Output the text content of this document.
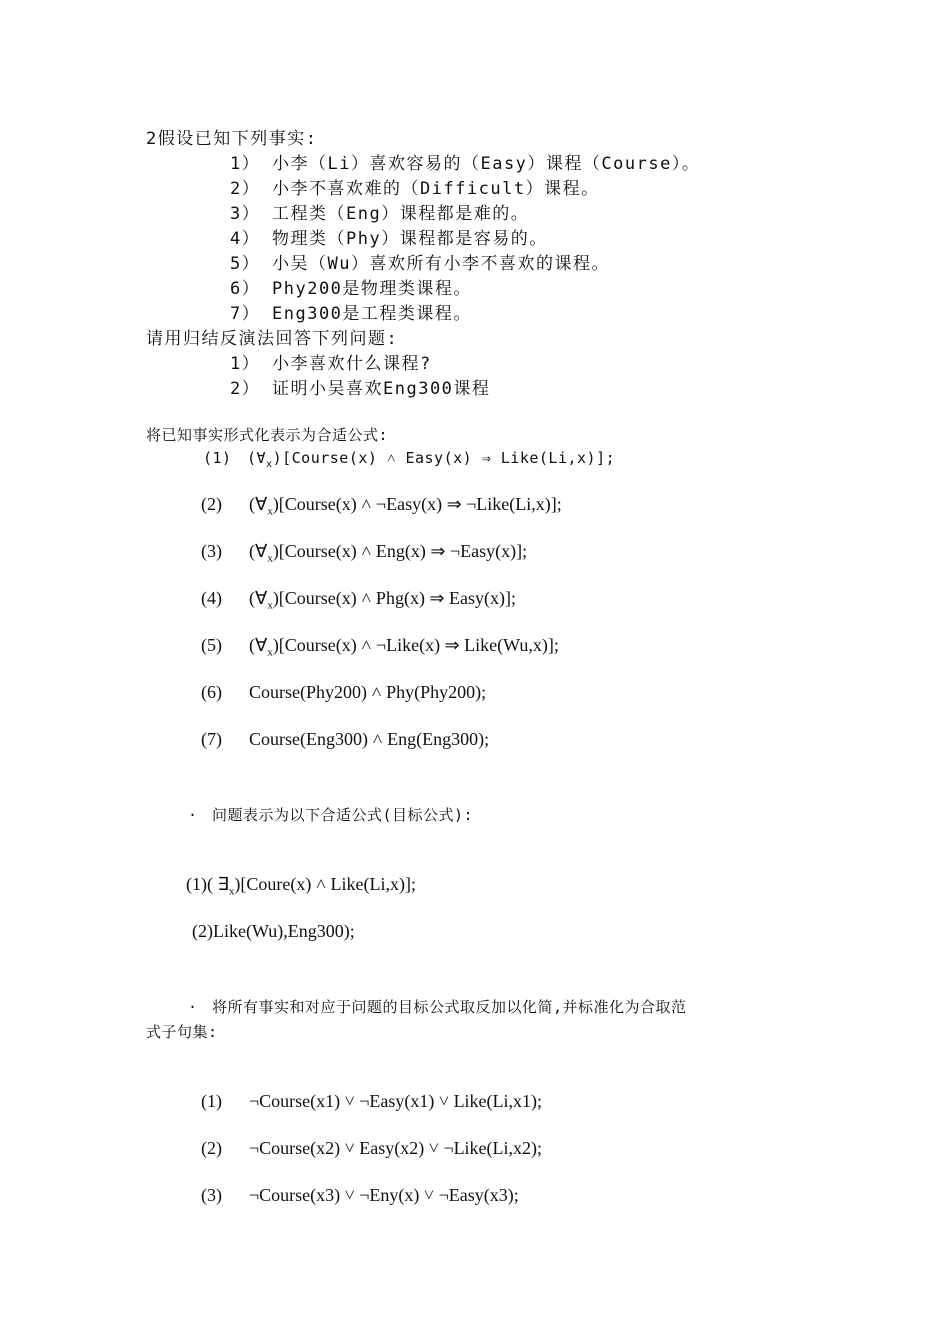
2假设已知下列事实:
1） 小李（Li）喜欢容易的（Easy）课程（Course）。
2） 小李不喜欢难的（Difficult）课程。
3） 工程类（Eng）课程都是难的。
4） 物理类（Phy）课程都是容易的。
5） 小吴（Wu）喜欢所有小李不喜欢的课程。
6） Phy200是物理类课程。
7） Eng300是工程类课程。
请用归结反演法回答下列问题:
1） 小李喜欢什么课程?
2） 证明小吴喜欢Eng300课程
将已知事实形式化表示为合适公式:
(1) $(\forall_x)[Course(x)$ ˄ Easy(x) ⇒ Like(Li,x)];
(2) $(\forall_x)[Course(x)$ ˄ ¬Easy(x) ⇒ ¬Like(Li,x)];
(3) $(\forall_x)[Course(x)$ ˄ Eng(x) ⇒ ¬Easy(x)];
(4) $(\forall_x)[Course(x)$ ˄ Phg(x) ⇒ Easy(x)];
(5) $(\forall_x)[Course(x)$ ˄ ¬Like(x) ⇒ Like(Wu,x)];
(6) Course(Phy200) ˄ Phy(Phy200);
(7) Course(Eng300) ˄ Eng(Eng300);
· 问题表示为以下合适公式(目标公式):
(1)( $\exists_x)[Coure(x)$ ˄ Like(Li,x)];
(2)Like(Wu),Eng300);
· 将所有事实和对应于问题的目标公式取反加以化简,并标准化为合取范
式子句集:
(1) ¬Course(x1) ˅ ¬Easy(x1) ˅ Like(Li,x1);
(2) ¬Course(x2) ˅ Easy(x2) ˅ ¬Like(Li,x2);
(3) ¬Course(x3) ˅ ¬Eny(x) ˅ ¬Easy(x3);
